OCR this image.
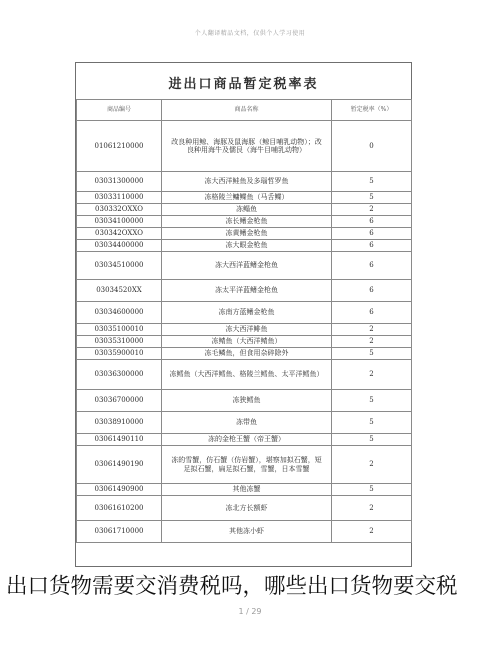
个人翻译精品文档，仅供个人学习使用
进出口商品暂定税率表
商品编号	商品名称	暂定税率（%）
01061210000	改良种用鲸、海豚及鼠海豚（鲸目哺乳动物）；改良种用海牛及儒艮（海牛目哺乳动物）	0
03031300000	冻大西洋鲑鱼及多瑙哲罗鱼	5
03033110000	冻格陵兰鳙鲽鱼（马舌鲽）	5
030332OXXO	冻鳎鱼	2
03034100000	冻长鳍金枪鱼	6
030342OXXO	冻黄鳍金枪鱼	6
03034400000	冻大眼金枪鱼	6
03034510000	冻大西洋蓝鳍金枪鱼	6
030345​20XX	冻太平洋蓝鳍金枪鱼	6
03034600000	冻南方蓝鳍金枪鱼	6
03035100010	冻大西洋鲱鱼	2
03035310000	冻鲭鱼（大西洋鲭鱼）	2
03035900010	冻毛鳞鱼，但食用杂碎除外	5
03036300000	冻鳕鱼（大西洋鳕鱼、格陵兰鳕鱼、太平洋鳕鱼）	2
03036700000	冻狭鳕鱼	5
03038910000	冻带鱼	5
03061490110	冻的金枪王蟹（帝王蟹）	5
03061490190	冻的雪蟹，仿石蟹（仿岩蟹），堪察加拟石蟹，短足拟石蟹，扁足拟石蟹，雪蟹，日本雪蟹	2
03061490900	其他冻蟹	5
03061610200	冻北方长额虾	2
03061710000	其他冻小虾	2
1 / 29
出口货物需要交消费税吗，哪些出口货物要交税
